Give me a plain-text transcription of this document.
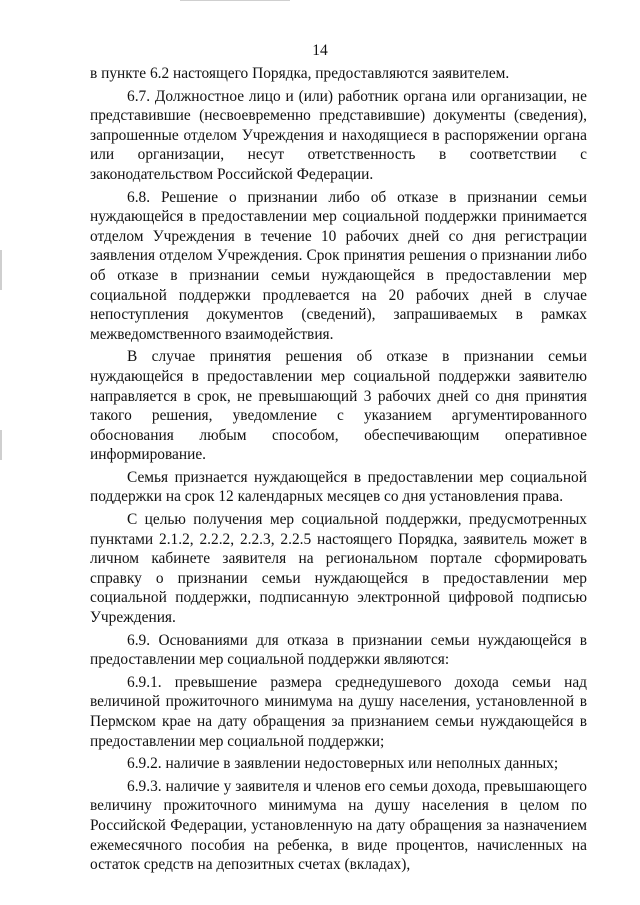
14

в пункте 6.2 настоящего Порядка, предоставляются заявителем.

6.7. Должностное лицо и (или) работник органа или организации, не представившие (несвоевременно представившие) документы (сведения), запрошенные отделом Учреждения и находящиеся в распоряжении органа или организации, несут ответственность в соответствии с законодательством Российской Федерации.

6.8. Решение о признании либо об отказе в признании семьи нуждающейся в предоставлении мер социальной поддержки принимается отделом Учреждения в течение 10 рабочих дней со дня регистрации заявления отделом Учреждения. Срок принятия решения о признании либо об отказе в признании семьи нуждающейся в предоставлении мер социальной поддержки продлевается на 20 рабочих дней в случае непоступления документов (сведений), запрашиваемых в рамках межведомственного взаимодействия.

В случае принятия решения об отказе в признании семьи нуждающейся в предоставлении мер социальной поддержки заявителю направляется в срок, не превышающий 3 рабочих дней со дня принятия такого решения, уведомление с указанием аргументированного обоснования любым способом, обеспечивающим оперативное информирование.

Семья признается нуждающейся в предоставлении мер социальной поддержки на срок 12 календарных месяцев со дня установления права.

С целью получения мер социальной поддержки, предусмотренных пунктами 2.1.2, 2.2.2, 2.2.3, 2.2.5 настоящего Порядка, заявитель может в личном кабинете заявителя на региональном портале сформировать справку о признании семьи нуждающейся в предоставлении мер социальной поддержки, подписанную электронной цифровой подписью Учреждения.

6.9. Основаниями для отказа в признании семьи нуждающейся в предоставлении мер социальной поддержки являются:

6.9.1. превышение размера среднедушевого дохода семьи над величиной прожиточного минимума на душу населения, установленной в Пермском крае на дату обращения за признанием семьи нуждающейся в предоставлении мер социальной поддержки;

6.9.2. наличие в заявлении недостоверных или неполных данных;

6.9.3. наличие у заявителя и членов его семьи дохода, превышающего величину прожиточного минимума на душу населения в целом по Российской Федерации, установленную на дату обращения за назначением ежемесячного пособия на ребенка, в виде процентов, начисленных на остаток средств на депозитных счетах (вкладах),
